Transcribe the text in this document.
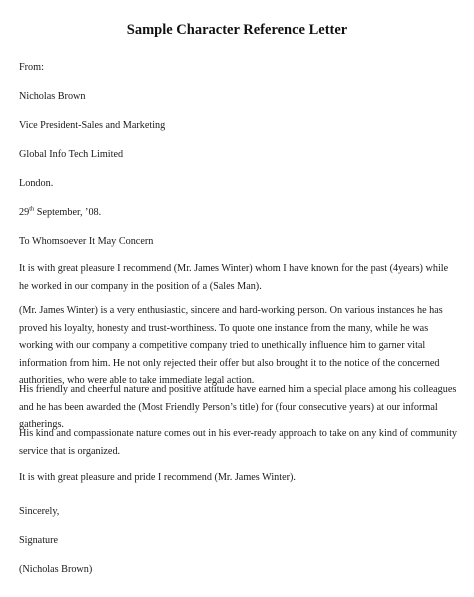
Sample Character Reference Letter
From:
Nicholas Brown
Vice President-Sales and Marketing
Global Info Tech Limited
London.
29th September, ’08.
To Whomsoever It May Concern
It is with great pleasure I recommend (Mr. James Winter) whom I have known for the past (4years) while he worked in our company in the position of a (Sales Man).
(Mr. James Winter) is a very enthusiastic, sincere and hard-working person. On various instances he has proved his loyalty, honesty and trust-worthiness. To quote one instance from the many, while he was working with our company a competitive company tried to unethically influence him to garner vital information from him. He not only rejected their offer but also brought it to the notice of the concerned authorities, who were able to take immediate legal action.
His friendly and cheerful nature and positive attitude have earned him a special place among his colleagues and he has been awarded the (Most Friendly Person’s title) for (four consecutive years) at our informal gatherings.
His kind and compassionate nature comes out in his ever-ready approach to take on any kind of community service that is organized.
It is with great pleasure and pride I recommend (Mr. James Winter).
Sincerely,
Signature
(Nicholas Brown)
